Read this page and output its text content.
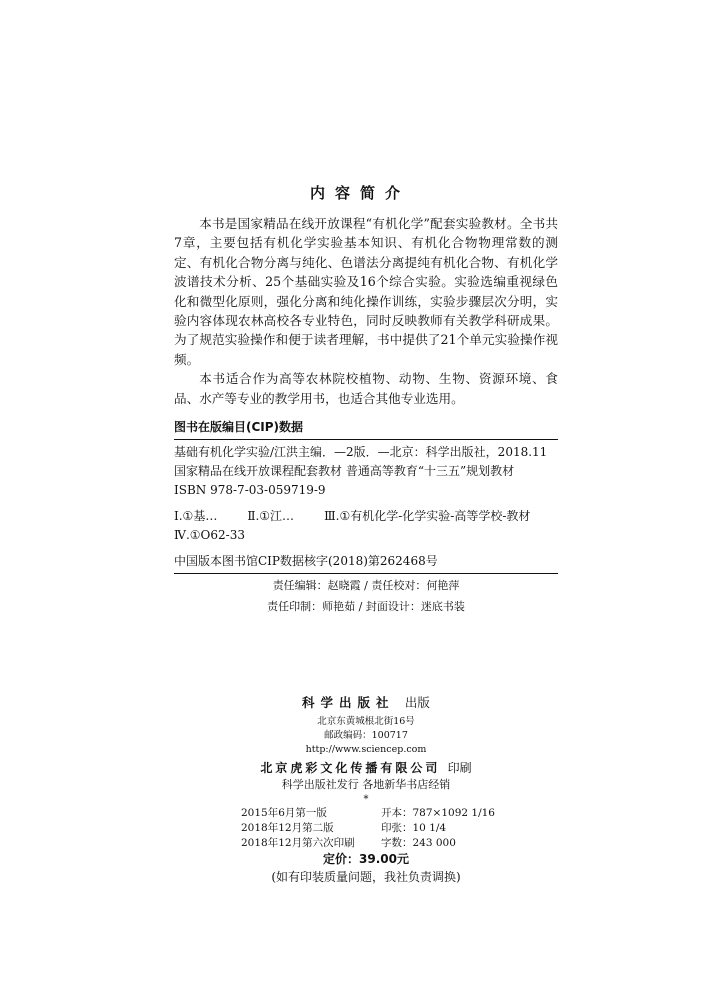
内容简介

本书是国家精品在线开放课程“有机化学”配套实验教材。全书共7章，主要包括有机化学实验基本知识、有机化合物物理常数的测定、有机化合物分离与纯化、色谱法分离提纯有机化合物、有机化学波谱技术分析、25个基础实验及16个综合实验。实验选编重视绿色化和微型化原则，强化分离和纯化操作训练，实验步骤层次分明，实验内容体现农林高校各专业特色，同时反映教师有关教学科研成果。为了规范实验操作和便于读者理解，书中提供了21个单元实验操作视频。

本书适合作为高等农林院校植物、动物、生物、资源环境、食品、水产等专业的教学用书，也适合其他专业选用。

图书在版编目(CIP)数据
基础有机化学实验/江洪主编．—2版．—北京：科学出版社，2018.11
国家精品在线开放课程配套教材 普通高等教育“十三五”规划教材
ISBN 978-7-03-059719-9
Ⅰ.①基…	Ⅱ.①江…	Ⅲ.①有机化学-化学实验-高等学校-教材
Ⅳ.①O62-33
中国版本图书馆CIP数据核字(2018)第262468号
责任编辑：赵晓霞 / 责任校对：何艳萍
责任印制：师艳茹 / 封面设计：迷底书装
科学出版社 出版
北京东黄城根北街16号
邮政编码：100717
http://www.sciencep.com
北京虎彩文化传播有限公司 印刷
科学出版社发行 各地新华书店经销
*
2015年6月第一版	开本：787×1092 1/16
2018年12月第二版	印张：10 1/4
2018年12月第六次印刷	字数：243 000
定价：39.00元
(如有印装质量问题，我社负责调换)
